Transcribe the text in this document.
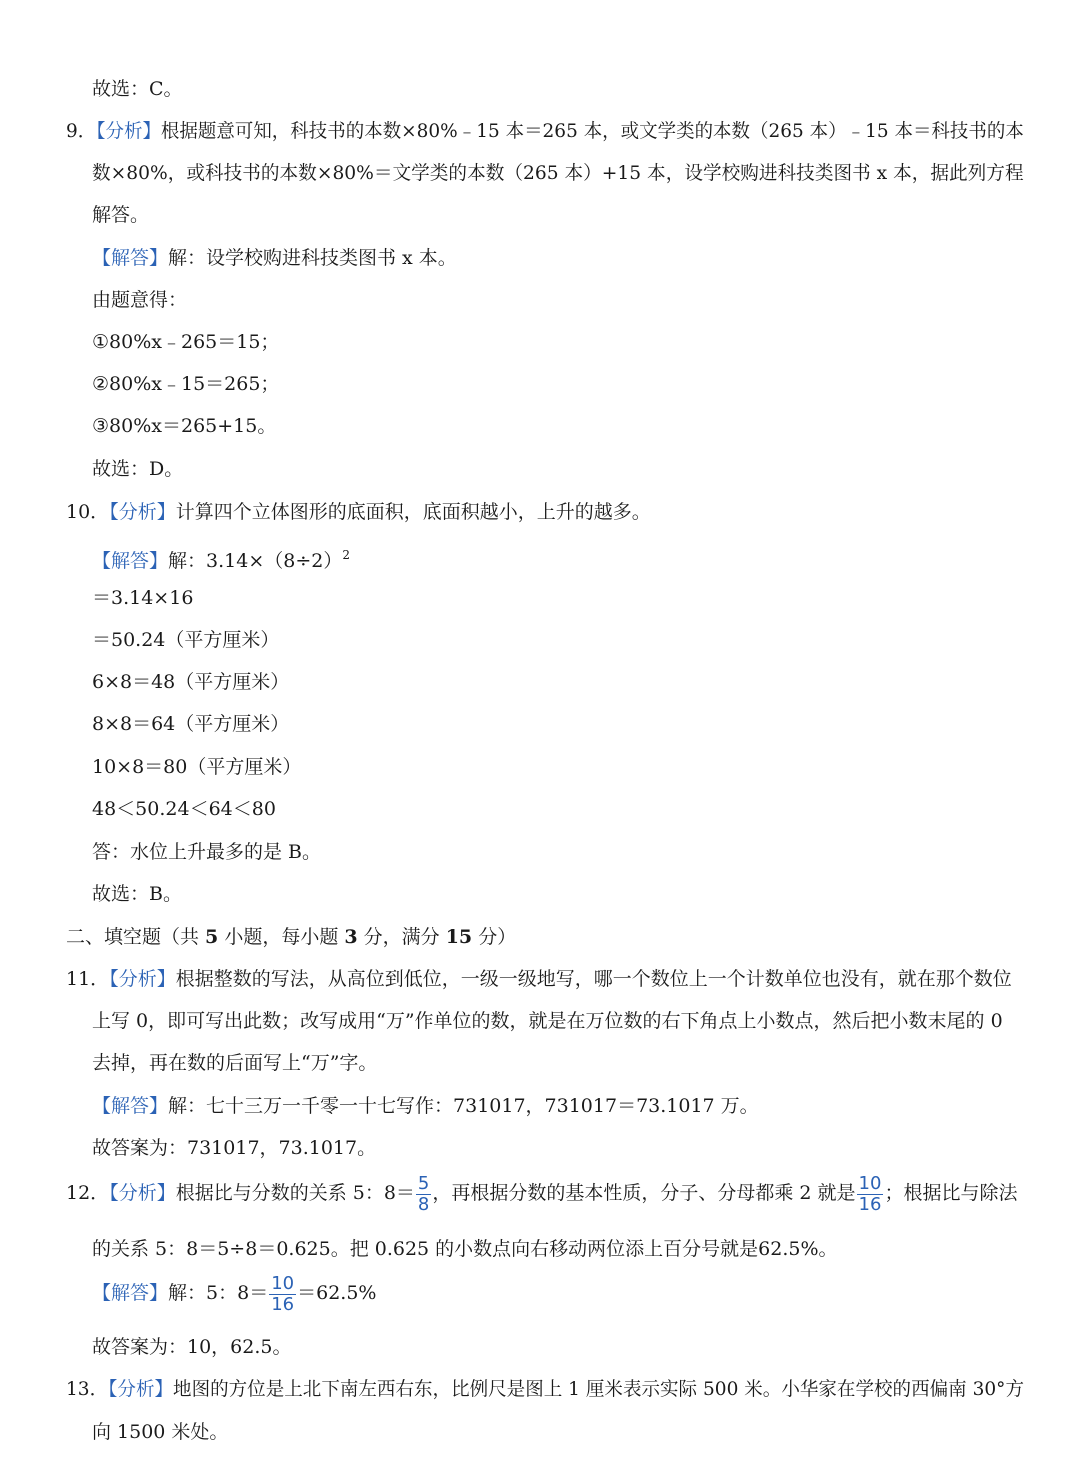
故选：C。
9．【分析】根据题意可知，科技书的本数×80%﹣15 本＝265 本，或文学类的本数（265 本）﹣15 本＝科技书的本
数×80%，或科技书的本数×80%＝文学类的本数（265 本）+15 本，设学校购进科技类图书 x 本，据此列方程
解答。
【解答】解：设学校购进科技类图书 x 本。
由题意得：
①80%x﹣265＝15；
②80%x﹣15＝265；
③80%x＝265+15。
故选：D。
10．【分析】计算四个立体图形的底面积，底面积越小，上升的越多。
【解答】解：$3.14\times(8\div 2)^2$
＝3.14×16
＝50.24（平方厘米）
6×8＝48（平方厘米）
8×8＝64（平方厘米）
10×8＝80（平方厘米）
48＜50.24＜64＜80
答：水位上升最多的是 B。
故选：B。
二、填空题（共 5 小题，每小题 3 分，满分 15 分）
11．【分析】根据整数的写法，从高位到低位，一级一级地写，哪一个数位上一个计数单位也没有，就在那个数位
上写 0，即可写出此数；改写成用“万”作单位的数，就是在万位数的右下角点上小数点，然后把小数末尾的 0
去掉，再在数的后面写上“万”字。
【解答】解：七十三万一千零一十七写作：731017，731017＝73.1017 万。
故答案为：731017，73.1017。
12．【分析】根据比与分数的关系 5：$8= \frac{5}{8}$ ，再根据分数的基本性质，分子、分母都乘 2 就是 $\frac{10}{16}$ ；根据比与除法
的关系 5：8＝5÷8＝0.625。把 0.625 的小数点向右移动两位添上百分号就是62.5%。
【解答】解：5：$8= \frac{10}{16} =62.5\%$
故答案为：10，62.5。
13．【分析】地图的方位是上北下南左西右东，比例尺是图上 1 厘米表示实际 500 米。小华家在学校的西偏南 30°方
向 1500 米处。
